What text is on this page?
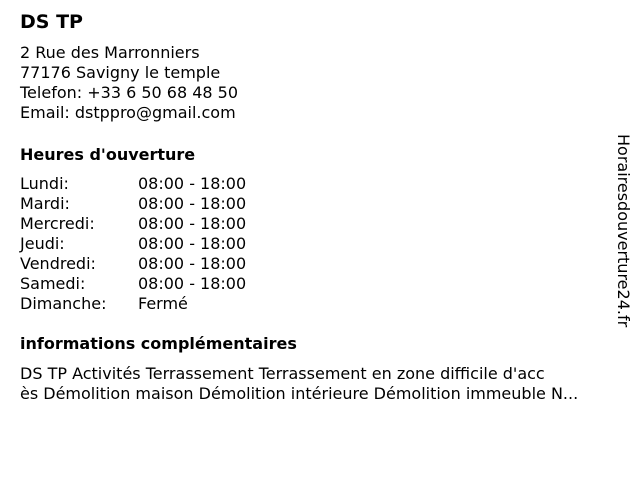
DS TP
2 Rue des Marronniers
77176 Savigny le temple
Telefon: +33 6 50 68 48 50
Email: dstppro@gmail.com
Heures d'ouverture
Lundi:	08:00 - 18:00
Mardi:	08:00 - 18:00
Mercredi:	08:00 - 18:00
Jeudi:	08:00 - 18:00
Vendredi:	08:00 - 18:00
Samedi:	08:00 - 18:00
Dimanche: Fermé
informations complémentaires
DS TP Activités Terrassement Terrassement en zone difficile d'acc
ès Démolition maison Démolition intérieure Démolition immeuble N...
Horairesdouverture24.fr
